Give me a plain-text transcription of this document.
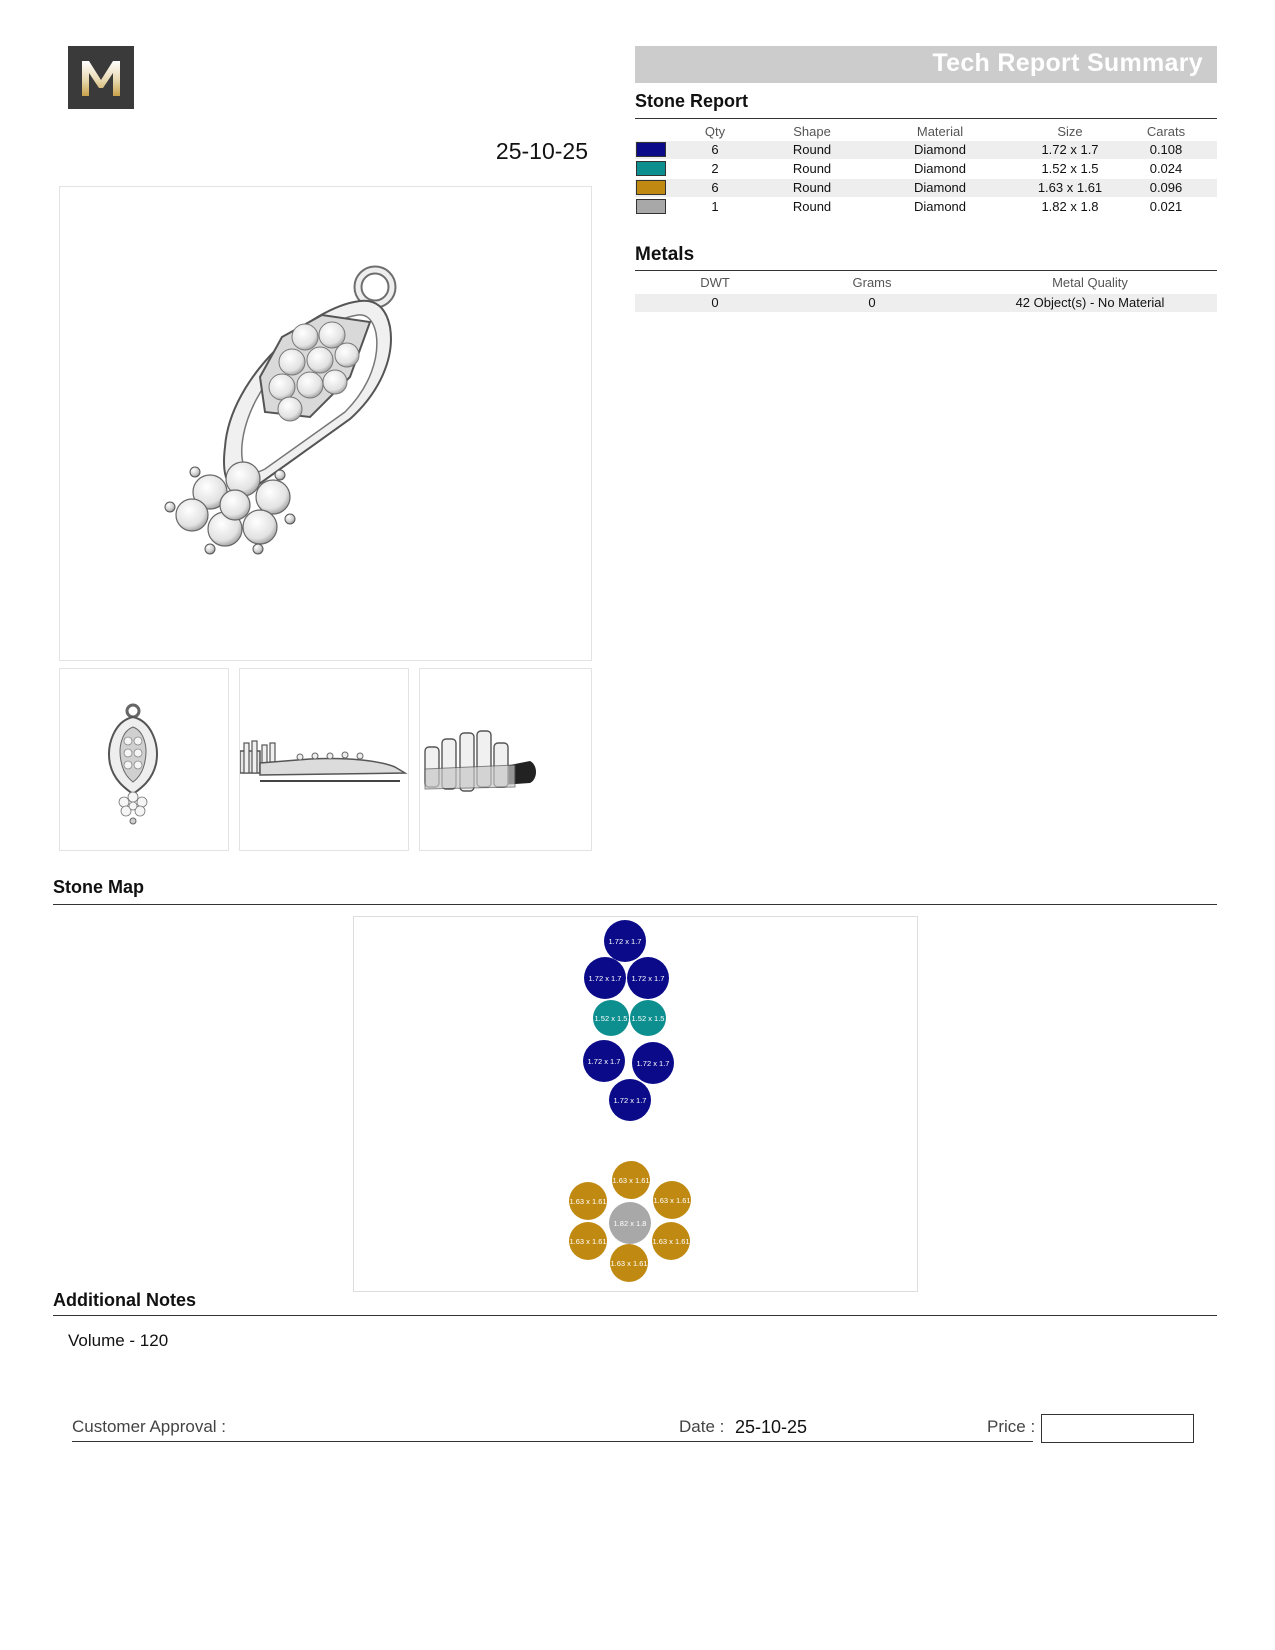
Tech Report Summary
25-10-25
Stone Report
Qty	Shape	Material	Size	Carats
6	Round	Diamond	1.72 x 1.7	0.108
2	Round	Diamond	1.52 x 1.5	0.024
6	Round	Diamond	1.63 x 1.61	0.096
1	Round	Diamond	1.82 x 1.8	0.021
Metals
DWT	Grams	Metal Quality
0	0	42 Object(s) - No Material
Stone Map
1.72 x 1.7
1.72 x 1.7	1.72 x 1.7
1.52 x 1.5 1.52 x 1.5
1.72 x 1.7	1.72 x 1.7
1.72 x 1.7
1.63 x 1.61
1.63 x 1.61	1.63 x 1.61
1.82 x 1.8
1.63 x 1.61	1.63 x 1.61
1.63 x 1.61
Additional Notes
Volume - 120
Customer Approval :	Date : 25-10-25	Price :
